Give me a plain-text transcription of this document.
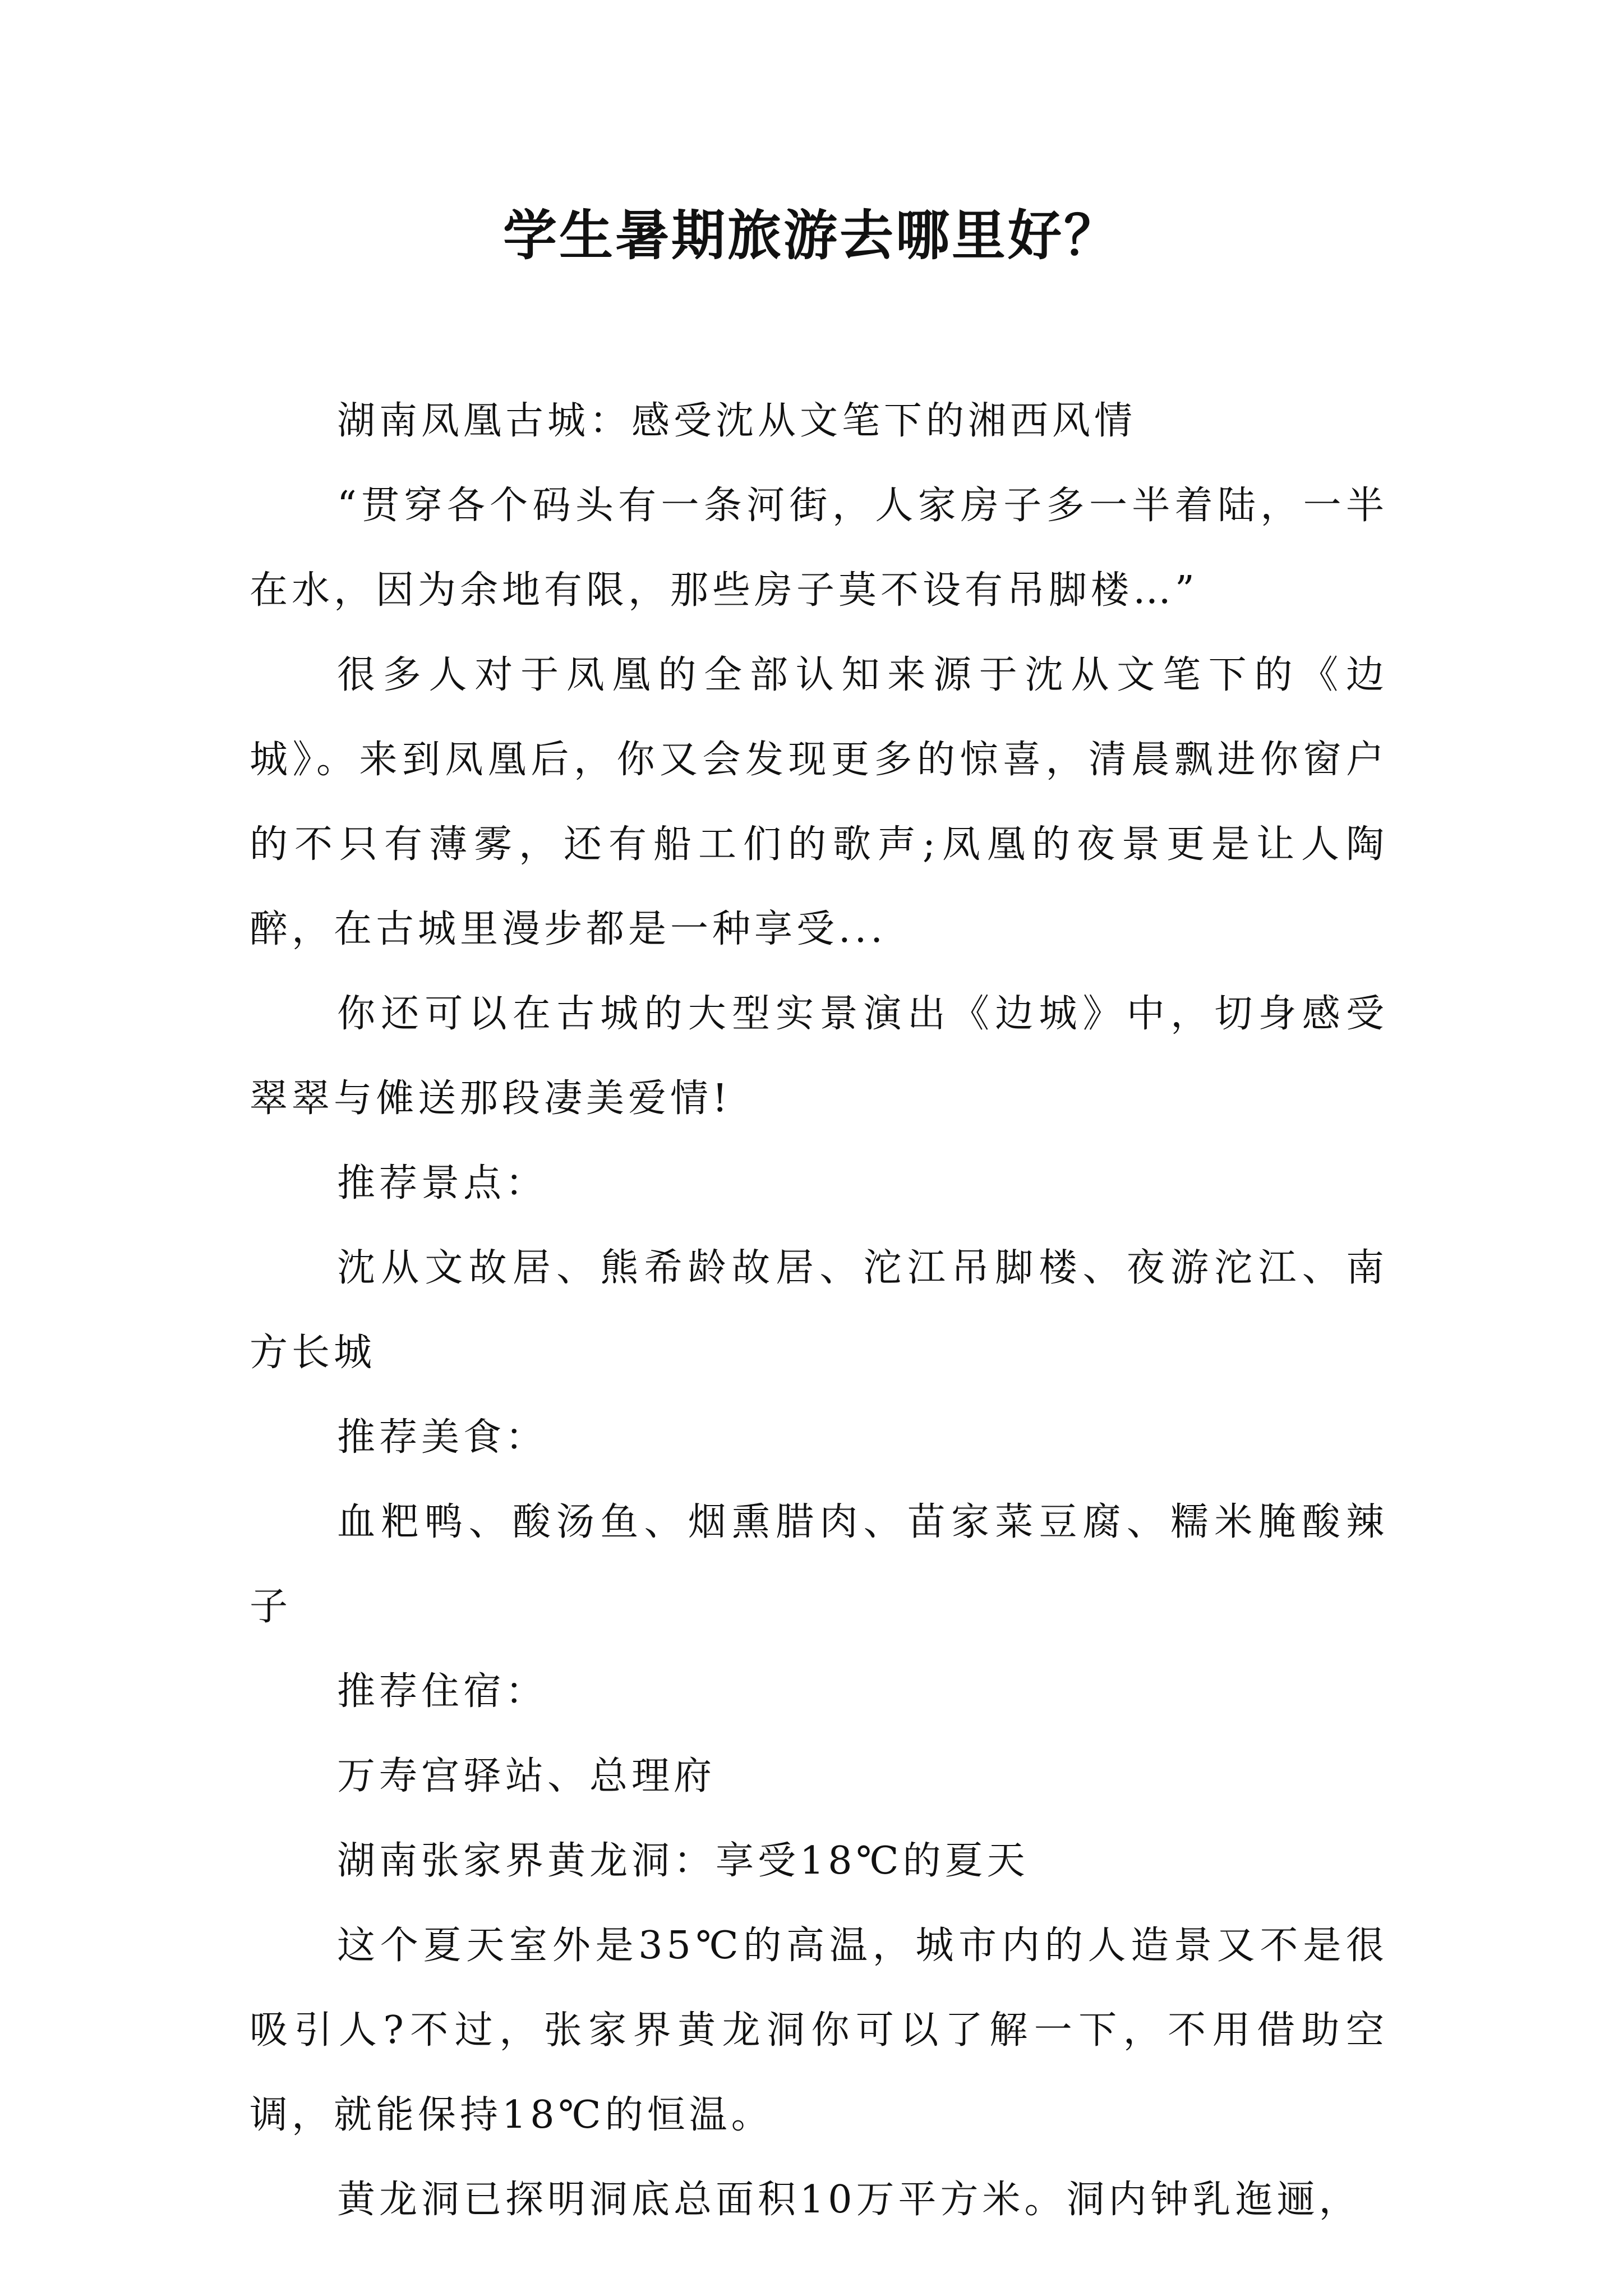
学生暑期旅游去哪里好？

湖南凤凰古城：感受沈从文笔下的湘西风情

“贯穿各个码头有一条河街，人家房子多一半着陆，一半在水，因为余地有限，那些房子莫不设有吊脚楼…”

很多人对于凤凰的全部认知来源于沈从文笔下的《边城》。来到凤凰后，你又会发现更多的惊喜，清晨飘进你窗户的不只有薄雾，还有船工们的歌声;凤凰的夜景更是让人陶醉，在古城里漫步都是一种享受...

你还可以在古城的大型实景演出《边城》中，切身感受翠翠与傩送那段凄美爱情!

推荐景点：

沈从文故居、熊希龄故居、沱江吊脚楼、夜游沱江、南方长城

推荐美食：

血粑鸭、酸汤鱼、烟熏腊肉、苗家菜豆腐、糯米腌酸辣子

推荐住宿：

万寿宫驿站、总理府

湖南张家界黄龙洞：享受18℃的夏天

这个夏天室外是35℃的高温，城市内的人造景又不是很吸引人?不过，张家界黄龙洞你可以了解一下，不用借助空调，就能保持18℃的恒温。

黄龙洞已探明洞底总面积10万平方米。洞内钟乳迤逦，
